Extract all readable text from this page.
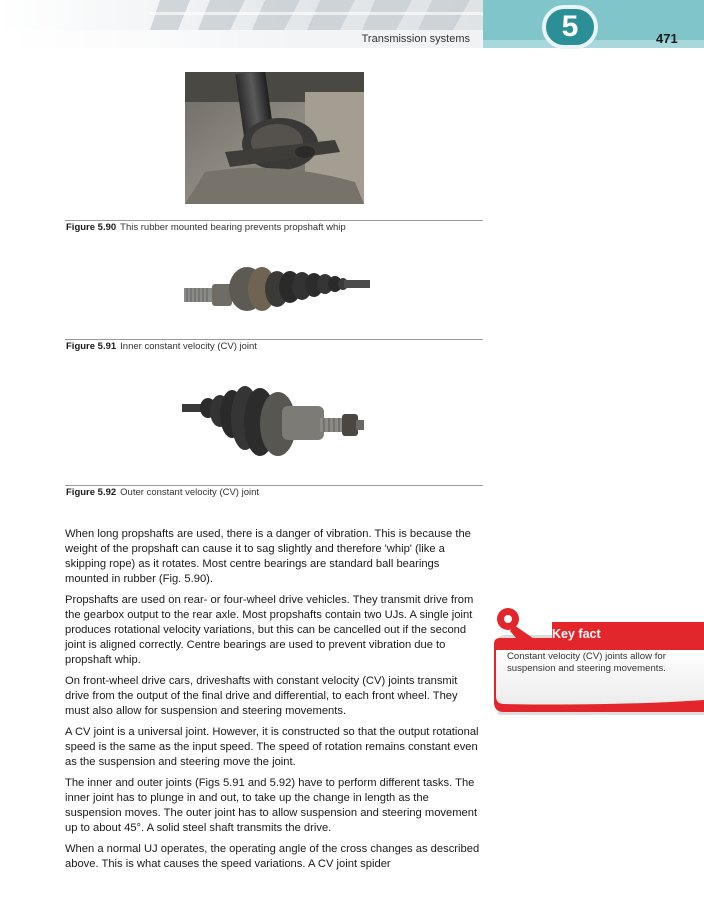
Transmission systems	5	471
Figure 5.90 This rubber mounted bearing prevents propshaft whip
Figure 5.91 Inner constant velocity (CV) joint
Figure 5.92 Outer constant velocity (CV) joint

When long propshafts are used, there is a danger of vibration. This is because the weight of the propshaft can cause it to sag slightly and therefore 'whip' (like a skipping rope) as it rotates. Most centre bearings are standard ball bearings mounted in rubber (Fig. 5.90).

Propshafts are used on rear- or four-wheel drive vehicles. They transmit drive from the gearbox output to the rear axle. Most propshafts contain two UJs. A single joint produces rotational velocity variations, but this can be cancelled out if the second joint is aligned correctly. Centre bearings are used to prevent vibration due to propshaft whip.

On front-wheel drive cars, driveshafts with constant velocity (CV) joints transmit drive from the output of the final drive and differential, to each front wheel. They must also allow for suspension and steering movements.

A CV joint is a universal joint. However, it is constructed so that the output rotational speed is the same as the input speed. The speed of rotation remains constant even as the suspension and steering move the joint.

The inner and outer joints (Figs 5.91 and 5.92) have to perform different tasks. The inner joint has to plunge in and out, to take up the change in length as the suspension moves. The outer joint has to allow suspension and steering movement up to about 45°. A solid steel shaft transmits the drive.

When a normal UJ operates, the operating angle of the cross changes as described above. This is what causes the speed variations. A CV joint spider

Key fact
Constant velocity (CV) joints allow for suspension and steering movements.
